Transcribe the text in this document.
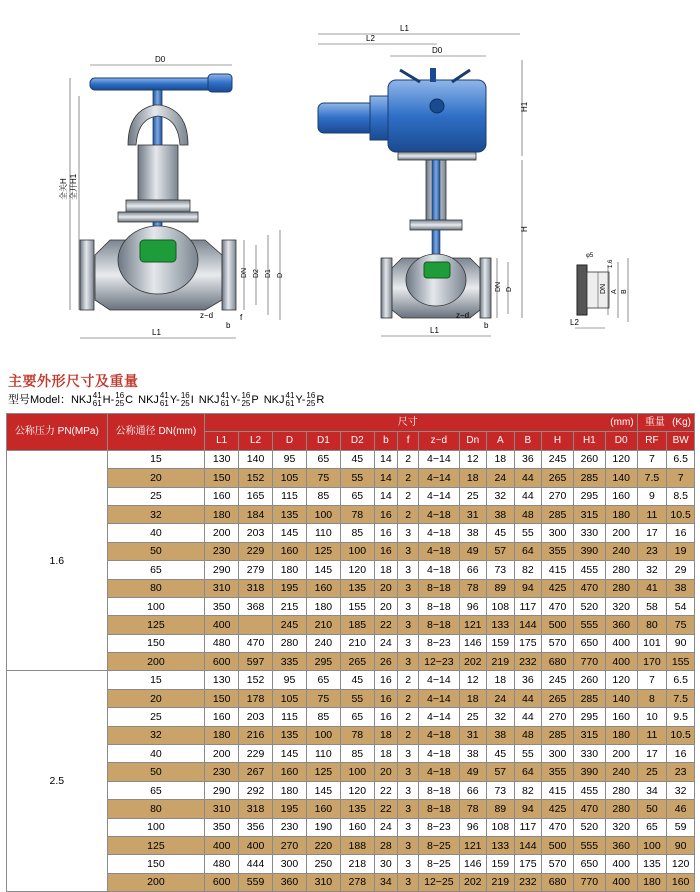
D0
L1
z−d
b
f
DN D2 D1 D
全关H 全开H1
L1
L2
D0
L1
z−d
b
H1
H
DN D
φ5
1.6
DN A B
L2
主要外形尺寸及重量
型号Model：NKJ 41
61 H- 16
25 C NKJ 41
61 Y- 16
25 I NKJ 41
61 Y- 16
25 P NKJ 41
61 Y- 16
25 R
公称压力 PN(MPa)	公称通径 DN(mm)	尺寸 (mm)														重量 (Kg)	

		L1	L2	D	D1	D2	b	f	z−d	Dn	A	B	H	H1	D0	RF	BW
1.6	15	130	140	95	65	45	14	2	4−14	12	18	36	245	260	120	7	6.5
	20	150	152	105	75	55	14	2	4−14	18	24	44	265	285	140	7.5	7
	25	160	165	115	85	65	14	2	4−14	25	32	44	270	295	160	9	8.5
	32	180	184	135	100	78	16	2	4−18	31	38	48	285	315	180	11	10.5
	40	200	203	145	110	85	16	3	4−18	38	45	55	300	330	200	17	16
	50	230	229	160	125	100	16	3	4−18	49	57	64	355	390	240	23	19
	65	290	279	180	145	120	18	3	4−18	66	73	82	415	455	280	32	29
	80	310	318	195	160	135	20	3	8−18	78	89	94	425	470	280	41	38
	100	350	368	215	180	155	20	3	8−18	96	108	117	470	520	320	58	54
	125	400		245	210	185	22	3	8−18	121	133	144	500	555	360	80	75
	150	480	470	280	240	210	24	3	8−23	146	159	175	570	650	400	101	90
	200	600	597	335	295	265	26	3	12−23	202	219	232	680	770	400	170	155
2.5	15	130	152	95	65	45	16	2	4−14	12	18	36	245	260	120	7	6.5
	20	150	178	105	75	55	16	2	4−14	18	24	44	265	285	140	8	7.5
	25	160	203	115	85	65	16	2	4−14	25	32	44	270	295	160	10	9.5
	32	180	216	135	100	78	18	2	4−18	31	38	48	285	315	180	11	10.5
	40	200	229	145	110	85	18	3	4−18	38	45	55	300	330	200	17	16
	50	230	267	160	125	100	20	3	4−18	49	57	64	355	390	240	25	23
	65	290	292	180	145	120	22	3	8−18	66	73	82	415	455	280	34	32
	80	310	318	195	160	135	22	3	8−18	78	89	94	425	470	280	50	46
	100	350	356	230	190	160	24	3	8−23	96	108	117	470	520	320	65	59
	125	400	400	270	220	188	28	3	8−25	121	133	144	500	555	360	100	90
	150	480	444	300	250	218	30	3	8−25	146	159	175	570	650	400	135	120
	200	600	559	360	310	278	34	3	12−25	202	219	232	680	770	400	180	160
